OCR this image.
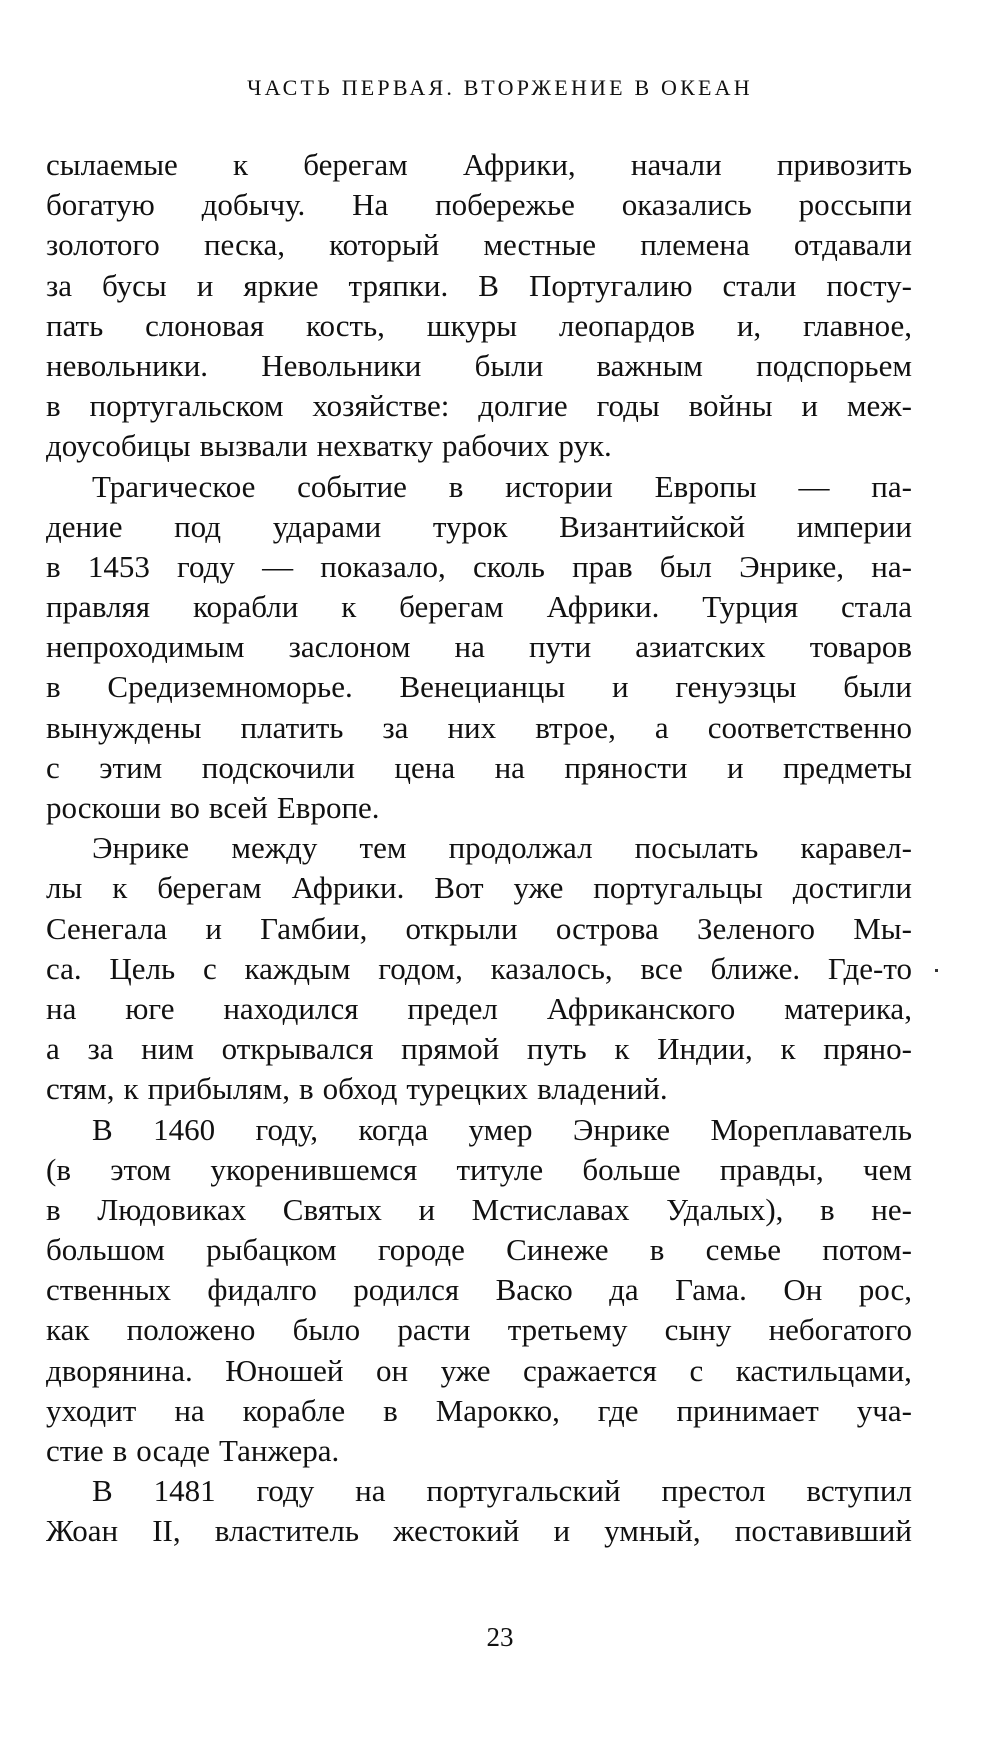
ЧАСТЬ ПЕРВАЯ. ВТОРЖЕНИЕ В ОКЕАН
сылаемые к берегам Африки, начали привозить
богатую добычу. На побережье оказались россыпи
золотого песка, который местные племена отдавали
за бусы и яркие тряпки. В Португалию стали посту-
пать слоновая кость, шкуры леопардов и, главное,
невольники. Невольники были важным подспорьем
в португальском хозяйстве: долгие годы войны и меж-
доусобицы вызвали нехватку рабочих рук.
Трагическое событие в истории Европы — па-
дение под ударами турок Византийской империи
в 1453 году — показало, сколь прав был Энрике, на-
правляя корабли к берегам Африки. Турция стала
непроходимым заслоном на пути азиатских товаров
в Средиземноморье. Венецианцы и генуэзцы были
вынуждены платить за них втрое, а соответственно
с этим подскочили цена на пряности и предметы
роскоши во всей Европе.
Энрике между тем продолжал посылать каравел-
лы к берегам Африки. Вот уже португальцы достигли
Сенегала и Гамбии, открыли острова Зеленого Мы-
са. Цель с каждым годом, казалось, все ближе. Где-то
на юге находился предел Африканского материка,
а за ним открывался прямой путь к Индии, к пряно-
стям, к прибылям, в обход турецких владений.
В 1460 году, когда умер Энрике Мореплаватель
(в этом укоренившемся титуле больше правды, чем
в Людовиках Святых и Мстиславах Удалых), в не-
большом рыбацком городе Синеже в семье потом-
ственных фидалго родился Васко да Гама. Он рос,
как положено было расти третьему сыну небогатого
дворянина. Юношей он уже сражается с кастильцами,
уходит на корабле в Марокко, где принимает уча-
стие в осаде Танжера.
В 1481 году на португальский престол вступил
Жоан II, властитель жестокий и умный, поставивший
23
